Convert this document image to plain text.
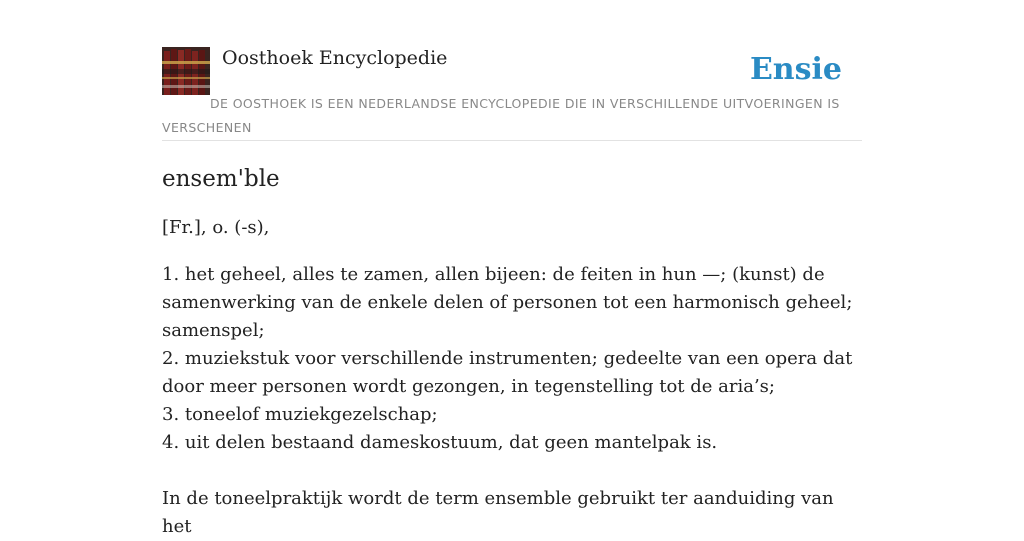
Oosthoek Encyclopedie	Ensie
DE OOSTHOEK IS EEN NEDERLANDSE ENCYCLOPEDIE DIE IN VERSCHILLENDE UITVOERINGEN IS VERSCHENEN
ensem'ble

[Fr.], o. (-s),

1. het geheel, alles te zamen, allen bijeen: de feiten in hun —; (kunst) de samenwerking van de enkele delen of personen tot een harmonisch geheel; samenspel;
2. muziekstuk voor verschillende instrumenten; gedeelte van een opera dat door meer personen wordt gezongen, in tegenstelling tot de aria’s;
3. toneelof muziekgezelschap;
4. uit delen bestaand dameskostuum, dat geen mantelpak is.

In de toneelpraktijk wordt de term ensemble gebruikt ter aanduiding van het
